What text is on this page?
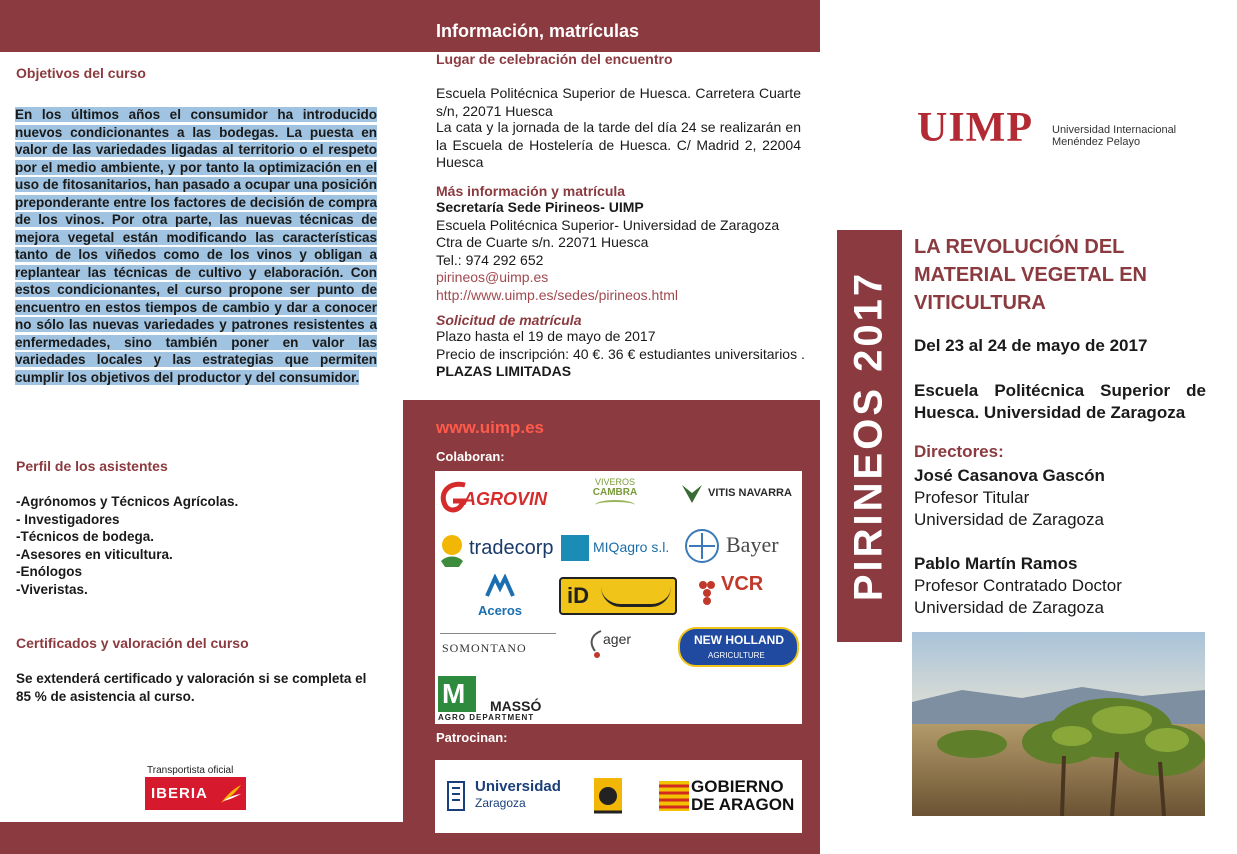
Objetivos del curso
En los últimos años el consumidor ha introducido nuevos condicionantes a las bodegas. La puesta en valor de las variedades ligadas al territorio o el respeto por el medio ambiente, y por tanto la optimización en el uso de fitosanitarios, han pasado a ocupar una posición preponderante entre los factores de decisión de compra de los vinos. Por otra parte, las nuevas técnicas de mejora vegetal están modificando las características tanto de los viñedos como de los vinos y obligan a replantear las técnicas de cultivo y elaboración. Con estos condicionantes, el curso propone ser punto de encuentro en estos tiempos de cambio y dar a conocer no sólo las nuevas variedades y patrones resistentes a enfermedades, sino también poner en valor las variedades locales y las estrategias que permiten cumplir los objetivos del productor y del consumidor.
Perfil de los asistentes
-Agrónomos y Técnicos Agrícolas.
- Investigadores
-Técnicos de bodega.
-Asesores en viticultura.
-Enólogos
-Viveristas.
Certificados y valoración del curso
Se extenderá certificado y valoración si se completa el 85 % de asistencia al curso.
Transportista oficial
IBERIA
Información, matrículas
Lugar de celebración del encuentro
Escuela Politécnica Superior de Huesca. Carretera Cuarte s/n, 22071 Huesca
La cata y la jornada de la tarde del día 24 se realizarán en la Escuela de Hostelería de Huesca. C/ Madrid 2, 22004 Huesca
Más información y matrícula
Secretaría Sede Pirineos- UIMP
Escuela Politécnica Superior- Universidad de Zaragoza
Ctra de Cuarte s/n. 22071 Huesca
Tel.: 974 292 652
pirineos@uimp.es
http://www.uimp.es/sedes/pirineos.html
Solicitud de matrícula
Plazo hasta el 19 de mayo de 2017
Precio de inscripción: 40 €. 36 € estudiantes universitarios . PLAZAS LIMITADAS
www.uimp.es
Colaboran:
AGROVIN
VIVEROS
CAMBRA	VITIS NAVARRA
tradecorp	MIQagro s.l.	Bayer
Aceros
iD	VCR
SOMONTANO
ager	NEW HOLLAND
AGRICULTURE
M MASSÓ
AGRO DEPARTMENT
Patrocinan:
Universidad
Zaragoza
GOBIERNO
DE ARAGON
UIMP Universidad Internacional
Menéndez Pelayo
PIRINEOS 2017
LA REVOLUCIÓN DEL
MATERIAL VEGETAL EN
VITICULTURA
Del 23 al 24 de mayo de 2017
Escuela Politécnica Superior de Huesca. Universidad de Zaragoza
Directores:
José Casanova Gascón
Profesor Titular
Universidad de Zaragoza
Pablo Martín Ramos
Profesor Contratado Doctor
Universidad de Zaragoza
